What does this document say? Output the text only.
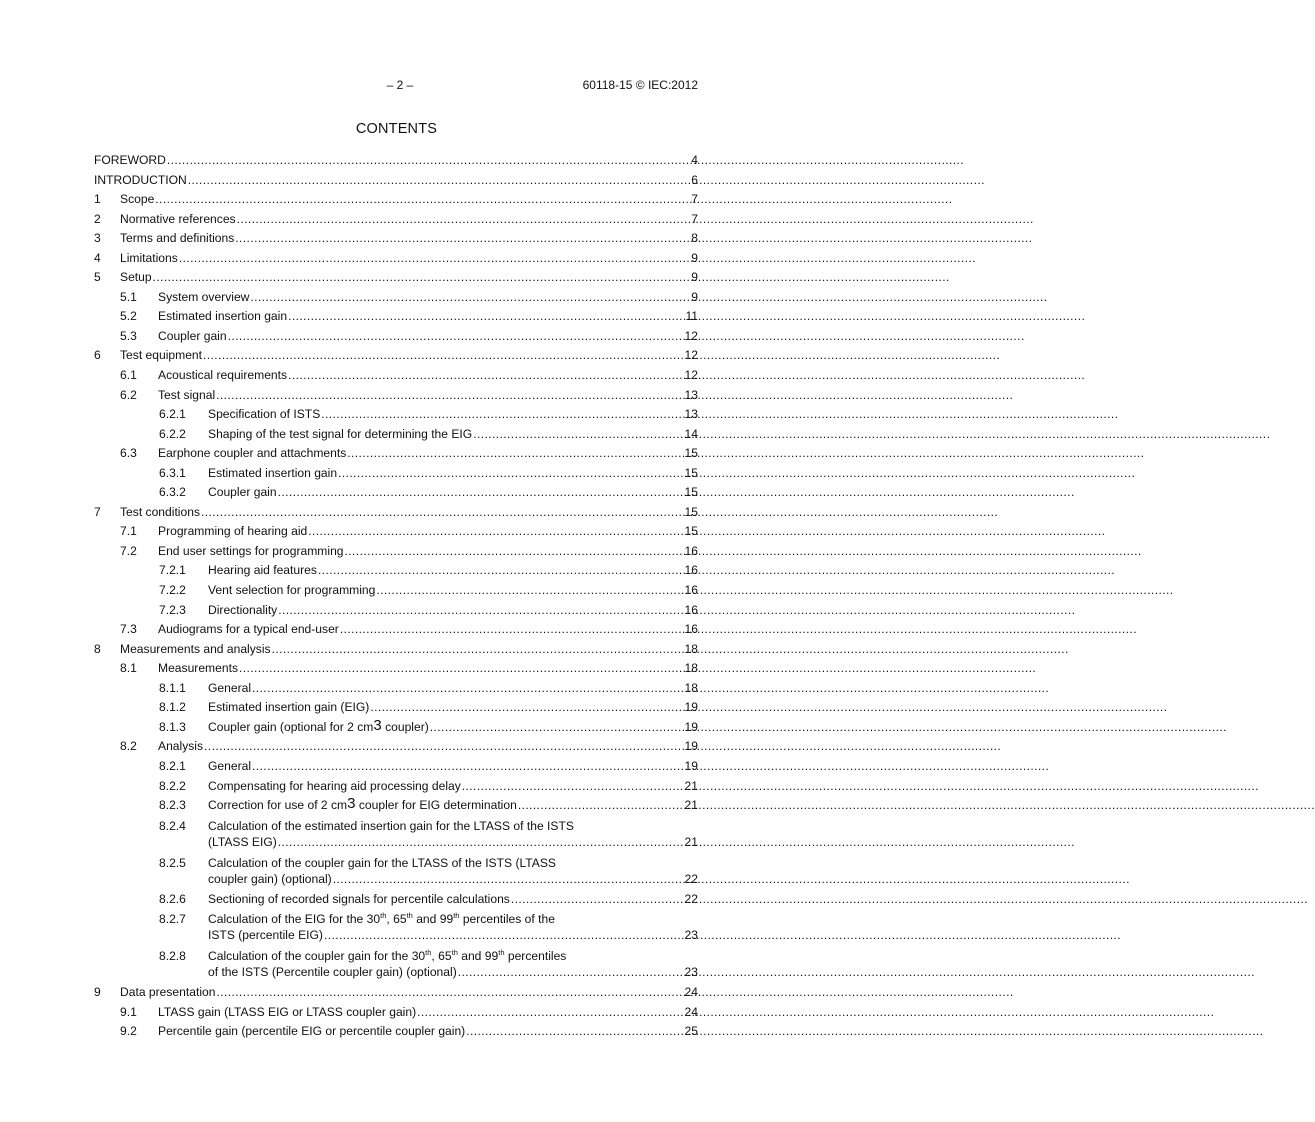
– 2 –	60118-15 © IEC:2012
CONTENTS
FOREWORD .....	4
INTRODUCTION .....	6
1	Scope .....	7
2	Normative references .....	7
3	Terms and definitions .....	8
4	Limitations .....	9
5	Setup .....	9
5.1	System overview .....	9
5.2	Estimated insertion gain .....	11
5.3	Coupler gain .....	12
6	Test equipment .....	12
6.1	Acoustical requirements .....	12
6.2	Test signal .....	13
6.2.1	Specification of ISTS .....	13
6.2.2	Shaping of the test signal for determining the EIG .....	14
6.3	Earphone coupler and attachments .....	15
6.3.1	Estimated insertion gain .....	15
6.3.2	Coupler gain .....	15
7	Test conditions .....	15
7.1	Programming of hearing aid .....	15
7.2	End user settings for programming .....	16
7.2.1	Hearing aid features .....	16
7.2.2	Vent selection for programming .....	16
7.2.3	Directionality .....	16
7.3	Audiograms for a typical end-user .....	16
8	Measurements and analysis .....	18
8.1	Measurements .....	18
8.1.1	General .....	18
8.1.2	Estimated insertion gain (EIG) .....	19
8.1.3	Coupler gain (optional for 2 cm3 coupler) .....	19
8.2	Analysis .....	19
8.2.1	General .....	19
8.2.2	Compensating for hearing aid processing delay .....	21
8.2.3	Correction for use of 2 cm3 coupler for EIG determination .....	21
8.2.4	Calculation of the estimated insertion gain for the LTASS of the ISTS
(LTASS EIG) .....	21
8.2.5	Calculation of the coupler gain for the LTASS of the ISTS (LTASS
coupler gain) (optional) .....	22
8.2.6	Sectioning of recorded signals for percentile calculations .....	22
8.2.7	Calculation of the EIG for the 30th, 65th and 99th percentiles of the
ISTS (percentile EIG) .....	23
8.2.8	Calculation of the coupler gain for the 30th, 65th and 99th percentiles
of the ISTS (Percentile coupler gain) (optional) .....	23
9	Data presentation .....	24
9.1	LTASS gain (LTASS EIG or LTASS coupler gain) .....	24
9.2	Percentile gain (percentile EIG or percentile coupler gain) .....	25
